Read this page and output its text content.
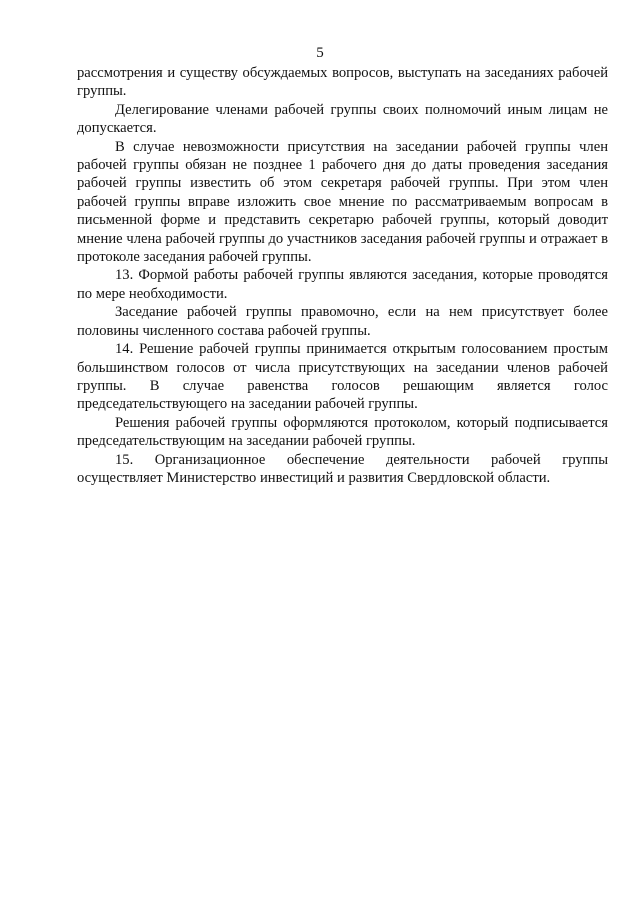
5

рассмотрения и существу обсуждаемых вопросов, выступать на заседаниях рабочей группы.

Делегирование членами рабочей группы своих полномочий иным лицам не допускается.

В случае невозможности присутствия на заседании рабочей группы член рабочей группы обязан не позднее 1 рабочего дня до даты проведения заседания рабочей группы известить об этом секретаря рабочей группы. При этом член рабочей группы вправе изложить свое мнение по рассматриваемым вопросам в письменной форме и представить секретарю рабочей группы, который доводит мнение члена рабочей группы до участников заседания рабочей группы и отражает в протоколе заседания рабочей группы.

13. Формой работы рабочей группы являются заседания, которые проводятся по мере необходимости.

Заседание рабочей группы правомочно, если на нем присутствует более половины численного состава рабочей группы.

14. Решение рабочей группы принимается открытым голосованием простым большинством голосов от числа присутствующих на заседании членов рабочей группы. В случае равенства голосов решающим является голос председательствующего на заседании рабочей группы.

Решения рабочей группы оформляются протоколом, который подписывается председательствующим на заседании рабочей группы.

15. Организационное обеспечение деятельности рабочей группы осуществляет Министерство инвестиций и развития Свердловской области.
